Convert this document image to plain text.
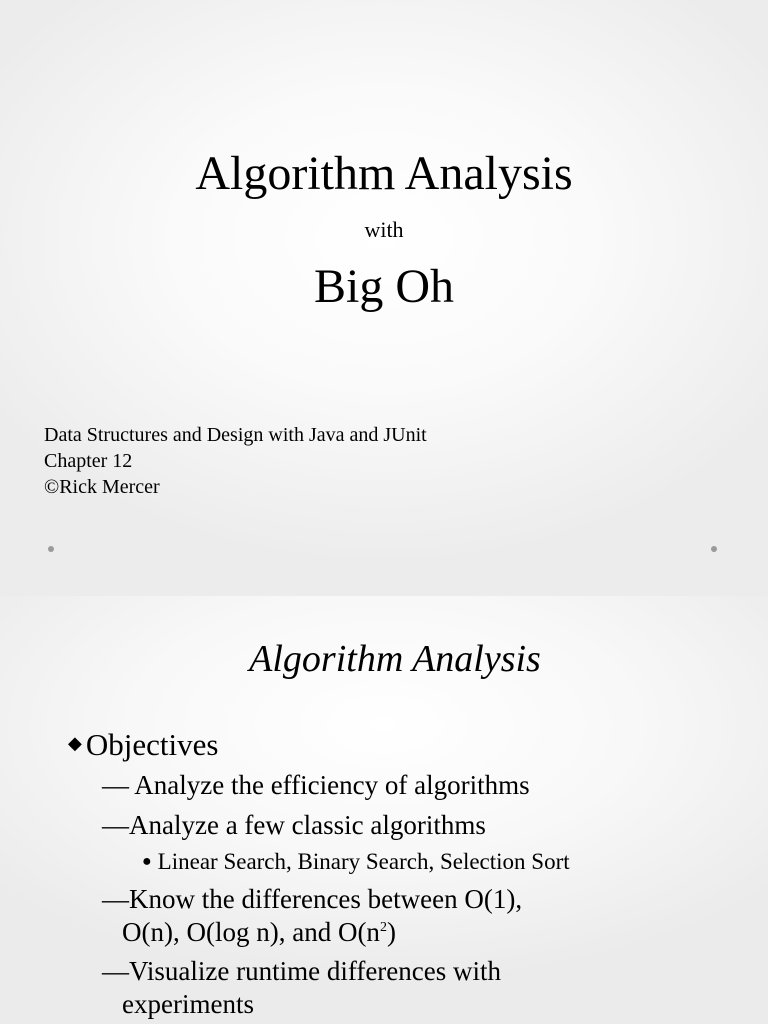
Algorithm Analysis
with
Big Oh
Data Structures and Design with Java and JUnit
Chapter 12
©Rick Mercer
Algorithm Analysis
◆ Objectives
— Analyze the efficiency of algorithms
—Analyze a few classic algorithms
● Linear Search, Binary Search, Selection Sort
—Know the differences between O(1),
O(n), O(log n), and $O(n^2)$
—Visualize runtime differences with
experiments
